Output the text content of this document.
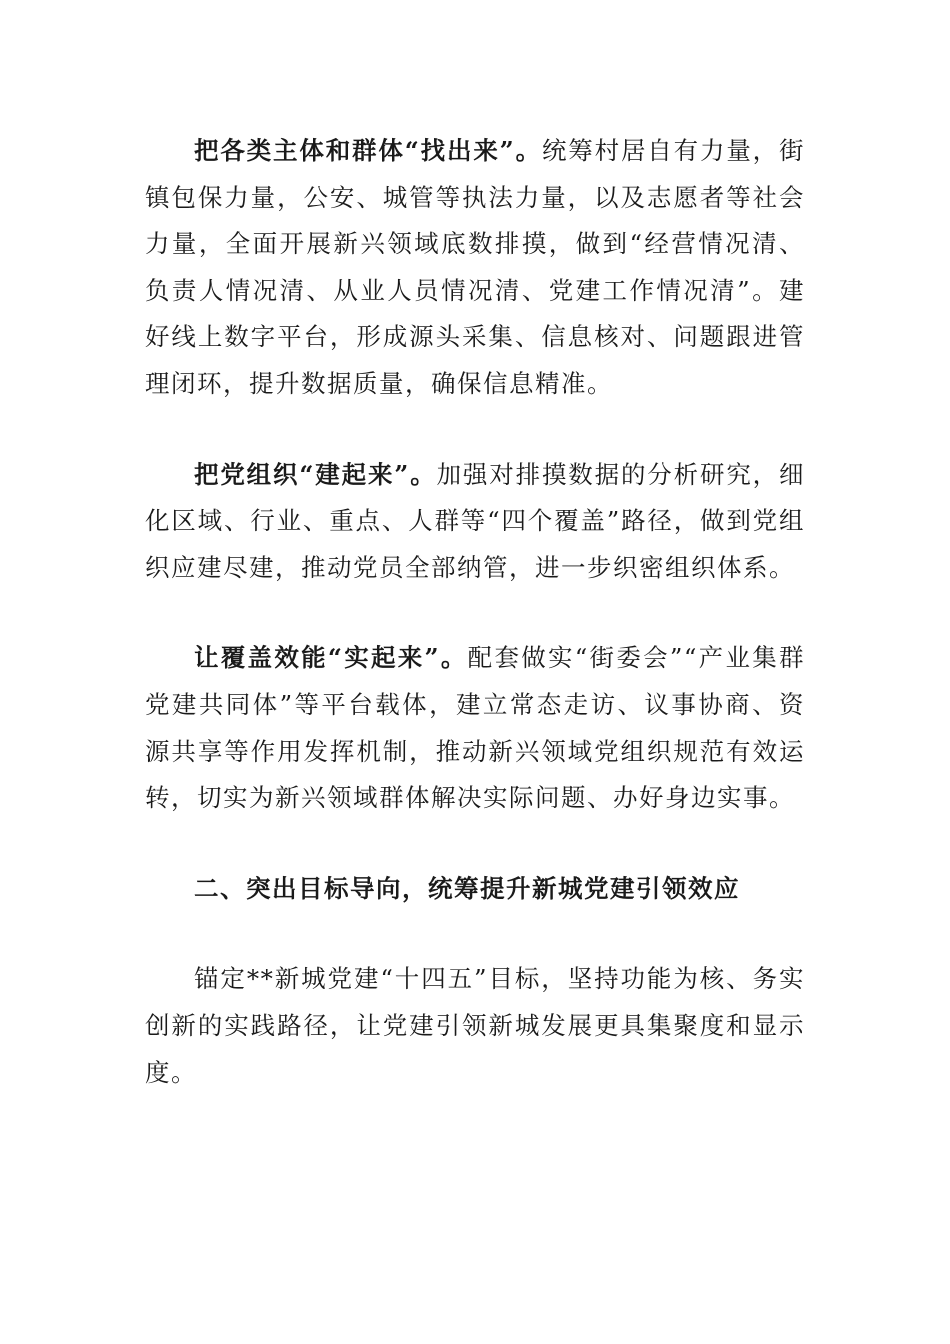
把各类主体和群体“找出来”。统筹村居自有力量，街镇包保力量，公安、城管等执法力量，以及志愿者等社会力量，全面开展新兴领域底数排摸，做到“经营情况清、负责人情况清、从业人员情况清、党建工作情况清”。建好线上数字平台，形成源头采集、信息核对、问题跟进管理闭环，提升数据质量，确保信息精准。

把党组织“建起来”。加强对排摸数据的分析研究，细化区域、行业、重点、人群等“四个覆盖”路径，做到党组织应建尽建，推动党员全部纳管，进一步织密组织体系。

让覆盖效能“实起来”。配套做实“街委会”“产业集群党建共同体”等平台载体，建立常态走访、议事协商、资源共享等作用发挥机制，推动新兴领域党组织规范有效运转，切实为新兴领域群体解决实际问题、办好身边实事。

二、突出目标导向，统筹提升新城党建引领效应

锚定**新城党建“十四五”目标，坚持功能为核、务实创新的实践路径，让党建引领新城发展更具集聚度和显示度。
